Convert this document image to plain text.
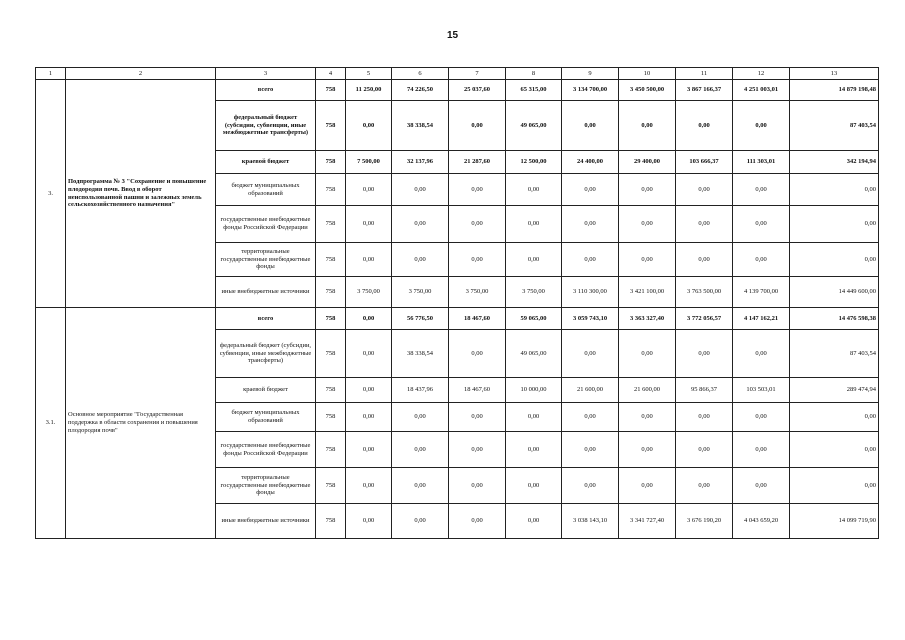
15
1	2	3	4	5	6	7	8	9	10	11	12	13
3.	Подпрограмма № 3 "Сохранение и повышение плодородия почв. Ввод в оборот неиспользованной пашни и залежных земель сельскохозяйственного назначения"	всего	758	11 250,00	74 226,50	25 037,60	65 315,00	3 134 700,00	3 450 500,00	3 867 166,37	4 251 003,01	14 879 198,48
		федеральный бюджет (субсидии, субвенции, иные межбюджетные трансферты)	758	0,00	38 338,54	0,00	49 065,00	0,00	0,00	0,00	0,00	87 403,54
		краевой бюджет	758	7 500,00	32 137,96	21 287,60	12 500,00	24 400,00	29 400,00	103 666,37	111 303,01	342 194,94
		бюджет муниципальных образований	758	0,00	0,00	0,00	0,00	0,00	0,00	0,00	0,00	0,00
		государственные внебюджетные фонды Российской Федерации	758	0,00	0,00	0,00	0,00	0,00	0,00	0,00	0,00	0,00
		территориальные государственные внебюджетные фонды	758	0,00	0,00	0,00	0,00	0,00	0,00	0,00	0,00	0,00
		иные внебюджетные источники	758	3 750,00	3 750,00	3 750,00	3 750,00	3 110 300,00	3 421 100,00	3 763 500,00	4 139 700,00	14 449 600,00
3.1.	Основное мероприятие "Государственная поддержка в области сохранения и повышения плодородия почв"	всего	758	0,00	56 776,50	18 467,60	59 065,00	3 059 743,10	3 363 327,40	3 772 056,57	4 147 162,21	14 476 598,38
		федеральный бюджет (субсидии, субвенции, иные межбюджетные трансферты)	758	0,00	38 338,54	0,00	49 065,00	0,00	0,00	0,00	0,00	87 403,54
		краевой бюджет	758	0,00	18 437,96	18 467,60	10 000,00	21 600,00	21 600,00	95 866,37	103 503,01	289 474,94
		бюджет муниципальных образований	758	0,00	0,00	0,00	0,00	0,00	0,00	0,00	0,00	0,00
		государственные внебюджетные фонды Российской Федерации	758	0,00	0,00	0,00	0,00	0,00	0,00	0,00	0,00	0,00
		территориальные государственные внебюджетные фонды	758	0,00	0,00	0,00	0,00	0,00	0,00	0,00	0,00	0,00
		иные внебюджетные источники	758	0,00	0,00	0,00	0,00	3 038 143,10	3 341 727,40	3 676 190,20	4 043 659,20	14 099 719,90
